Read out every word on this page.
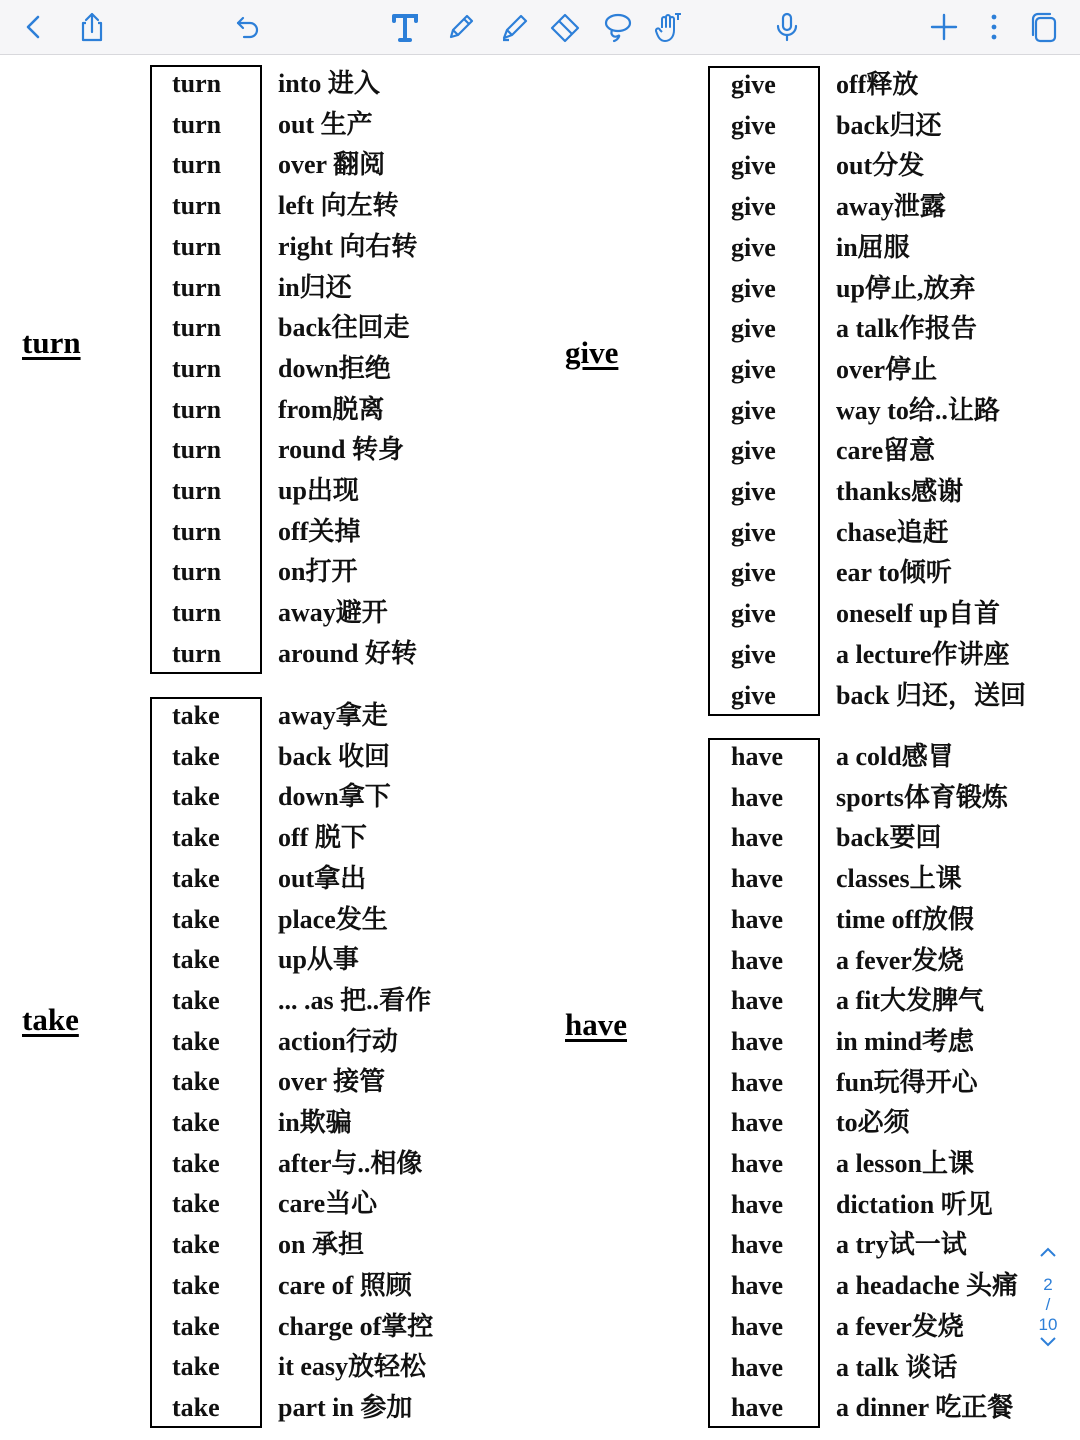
2
/
10
turn
turn into 进入
turn out 生产
turn over 翻阅
turn left 向左转
turn right 向右转
turn in归还
turn back往回走
turn down拒绝
turn from脱离
turn round 转身
turn up出现
turn off关掉
turn on打开
turn away避开
turn around 好转
give
give off释放
give back归还
give out分发
give away泄露
give in屈服
give up停止,放弃
give a talk作报告
give over停止
give way to给..让路
give care留意
give thanks感谢
give chase追赶
give ear to倾听
give oneself up自首
give a lecture作讲座
give back 归还，送回
take
take away拿走
take back 收回
take down拿下
take off 脱下
take out拿出
take place发生
take up从事
take ... .as 把..看作
take action行动
take over 接管
take in欺骗
take after与..相像
take care当心
take on 承担
take care of 照顾
take charge of掌控
take it easy放轻松
take part in 参加
have
have a cold感冒
have sports体育锻炼
have back要回
have classes上课
have time off放假
have a fever发烧
have a fit大发脾气
have in mind考虑
have fun玩得开心
have to必须
have a lesson上课
have dictation 听见
have a try试一试
have a headache 头痛
have a fever发烧
have a talk 谈话
have a dinner 吃正餐
